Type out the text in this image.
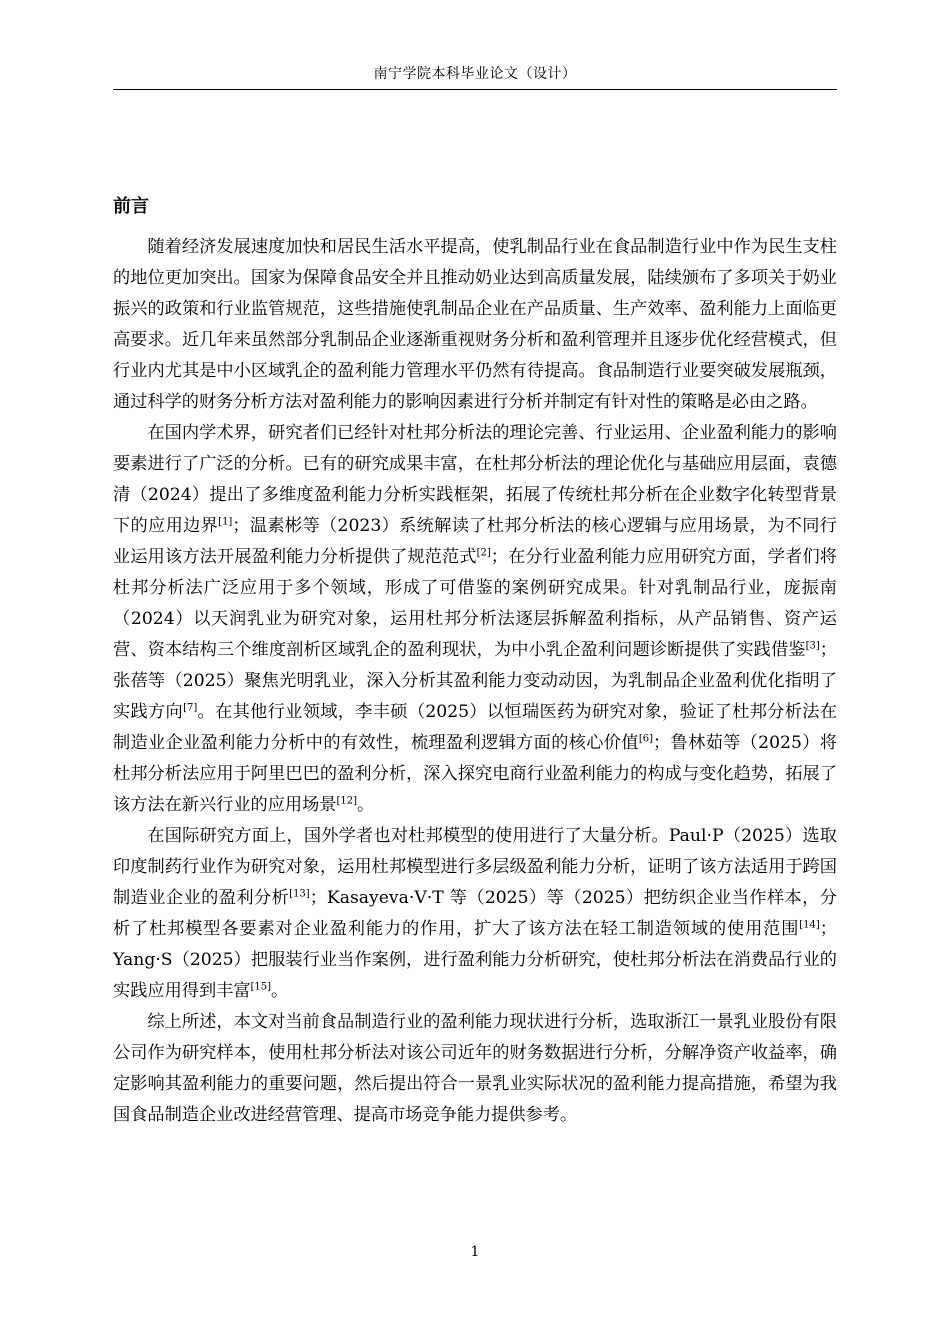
南宁学院本科毕业论文（设计）
前言

随着经济发展速度加快和居民生活水平提高，使乳制品行业在食品制造行业中作为民生支柱的地位更加突出。国家为保障食品安全并且推动奶业达到高质量发展，陆续颁布了多项关于奶业振兴的政策和行业监管规范，这些措施使乳制品企业在产品质量、生产效率、盈利能力上面临更高要求。近几年来虽然部分乳制品企业逐渐重视财务分析和盈利管理并且逐步优化经营模式，但行业内尤其是中小区域乳企的盈利能力管理水平仍然有待提高。食品制造行业要突破发展瓶颈，通过科学的财务分析方法对盈利能力的影响因素进行分析并制定有针对性的策略是必由之路。

在国内学术界，研究者们已经针对杜邦分析法的理论完善、行业运用、企业盈利能力的影响要素进行了广泛的分析。已有的研究成果丰富，在杜邦分析法的理论优化与基础应用层面，袁德清（2024）提出了多维度盈利能力分析实践框架，拓展了传统杜邦分析在企业数字化转型背景下的应用边界[1]；温素彬等（2023）系统解读了杜邦分析法的核心逻辑与应用场景，为不同行业运用该方法开展盈利能力分析提供了规范范式[2]；在分行业盈利能力应用研究方面，学者们将杜邦分析法广泛应用于多个领域，形成了可借鉴的案例研究成果。针对乳制品行业，庞振南（2024）以天润乳业为研究对象，运用杜邦分析法逐层拆解盈利指标，从产品销售、资产运营、资本结构三个维度剖析区域乳企的盈利现状，为中小乳企盈利问题诊断提供了实践借鉴[3]；张蓓等（2025）聚焦光明乳业，深入分析其盈利能力变动动因，为乳制品企业盈利优化指明了实践方向[7]。在其他行业领域，李丰硕（2025）以恒瑞医药为研究对象，验证了杜邦分析法在制造业企业盈利能力分析中的有效性，梳理盈利逻辑方面的核心价值[6]；鲁林茹等（2025）将杜邦分析法应用于阿里巴巴的盈利分析，深入探究电商行业盈利能力的构成与变化趋势，拓展了该方法在新兴行业的应用场景[12]。

在国际研究方面上，国外学者也对杜邦模型的使用进行了大量分析。Paul·P（2025）选取印度制药行业作为研究对象，运用杜邦模型进行多层级盈利能力分析，证明了该方法适用于跨国制造业企业的盈利分析[13]；Kasayeva·V·T 等（2025）等（2025）把纺织企业当作样本，分析了杜邦模型各要素对企业盈利能力的作用，扩大了该方法在轻工制造领域的使用范围[14]；Yang·S（2025）把服装行业当作案例，进行盈利能力分析研究，使杜邦分析法在消费品行业的实践应用得到丰富[15]。

综上所述，本文对当前食品制造行业的盈利能力现状进行分析，选取浙江一景乳业股份有限公司作为研究样本，使用杜邦分析法对该公司近年的财务数据进行分析，分解净资产收益率，确定影响其盈利能力的重要问题，然后提出符合一景乳业实际状况的盈利能力提高措施，希望为我国食品制造企业改进经营管理、提高市场竞争能力提供参考。

1
